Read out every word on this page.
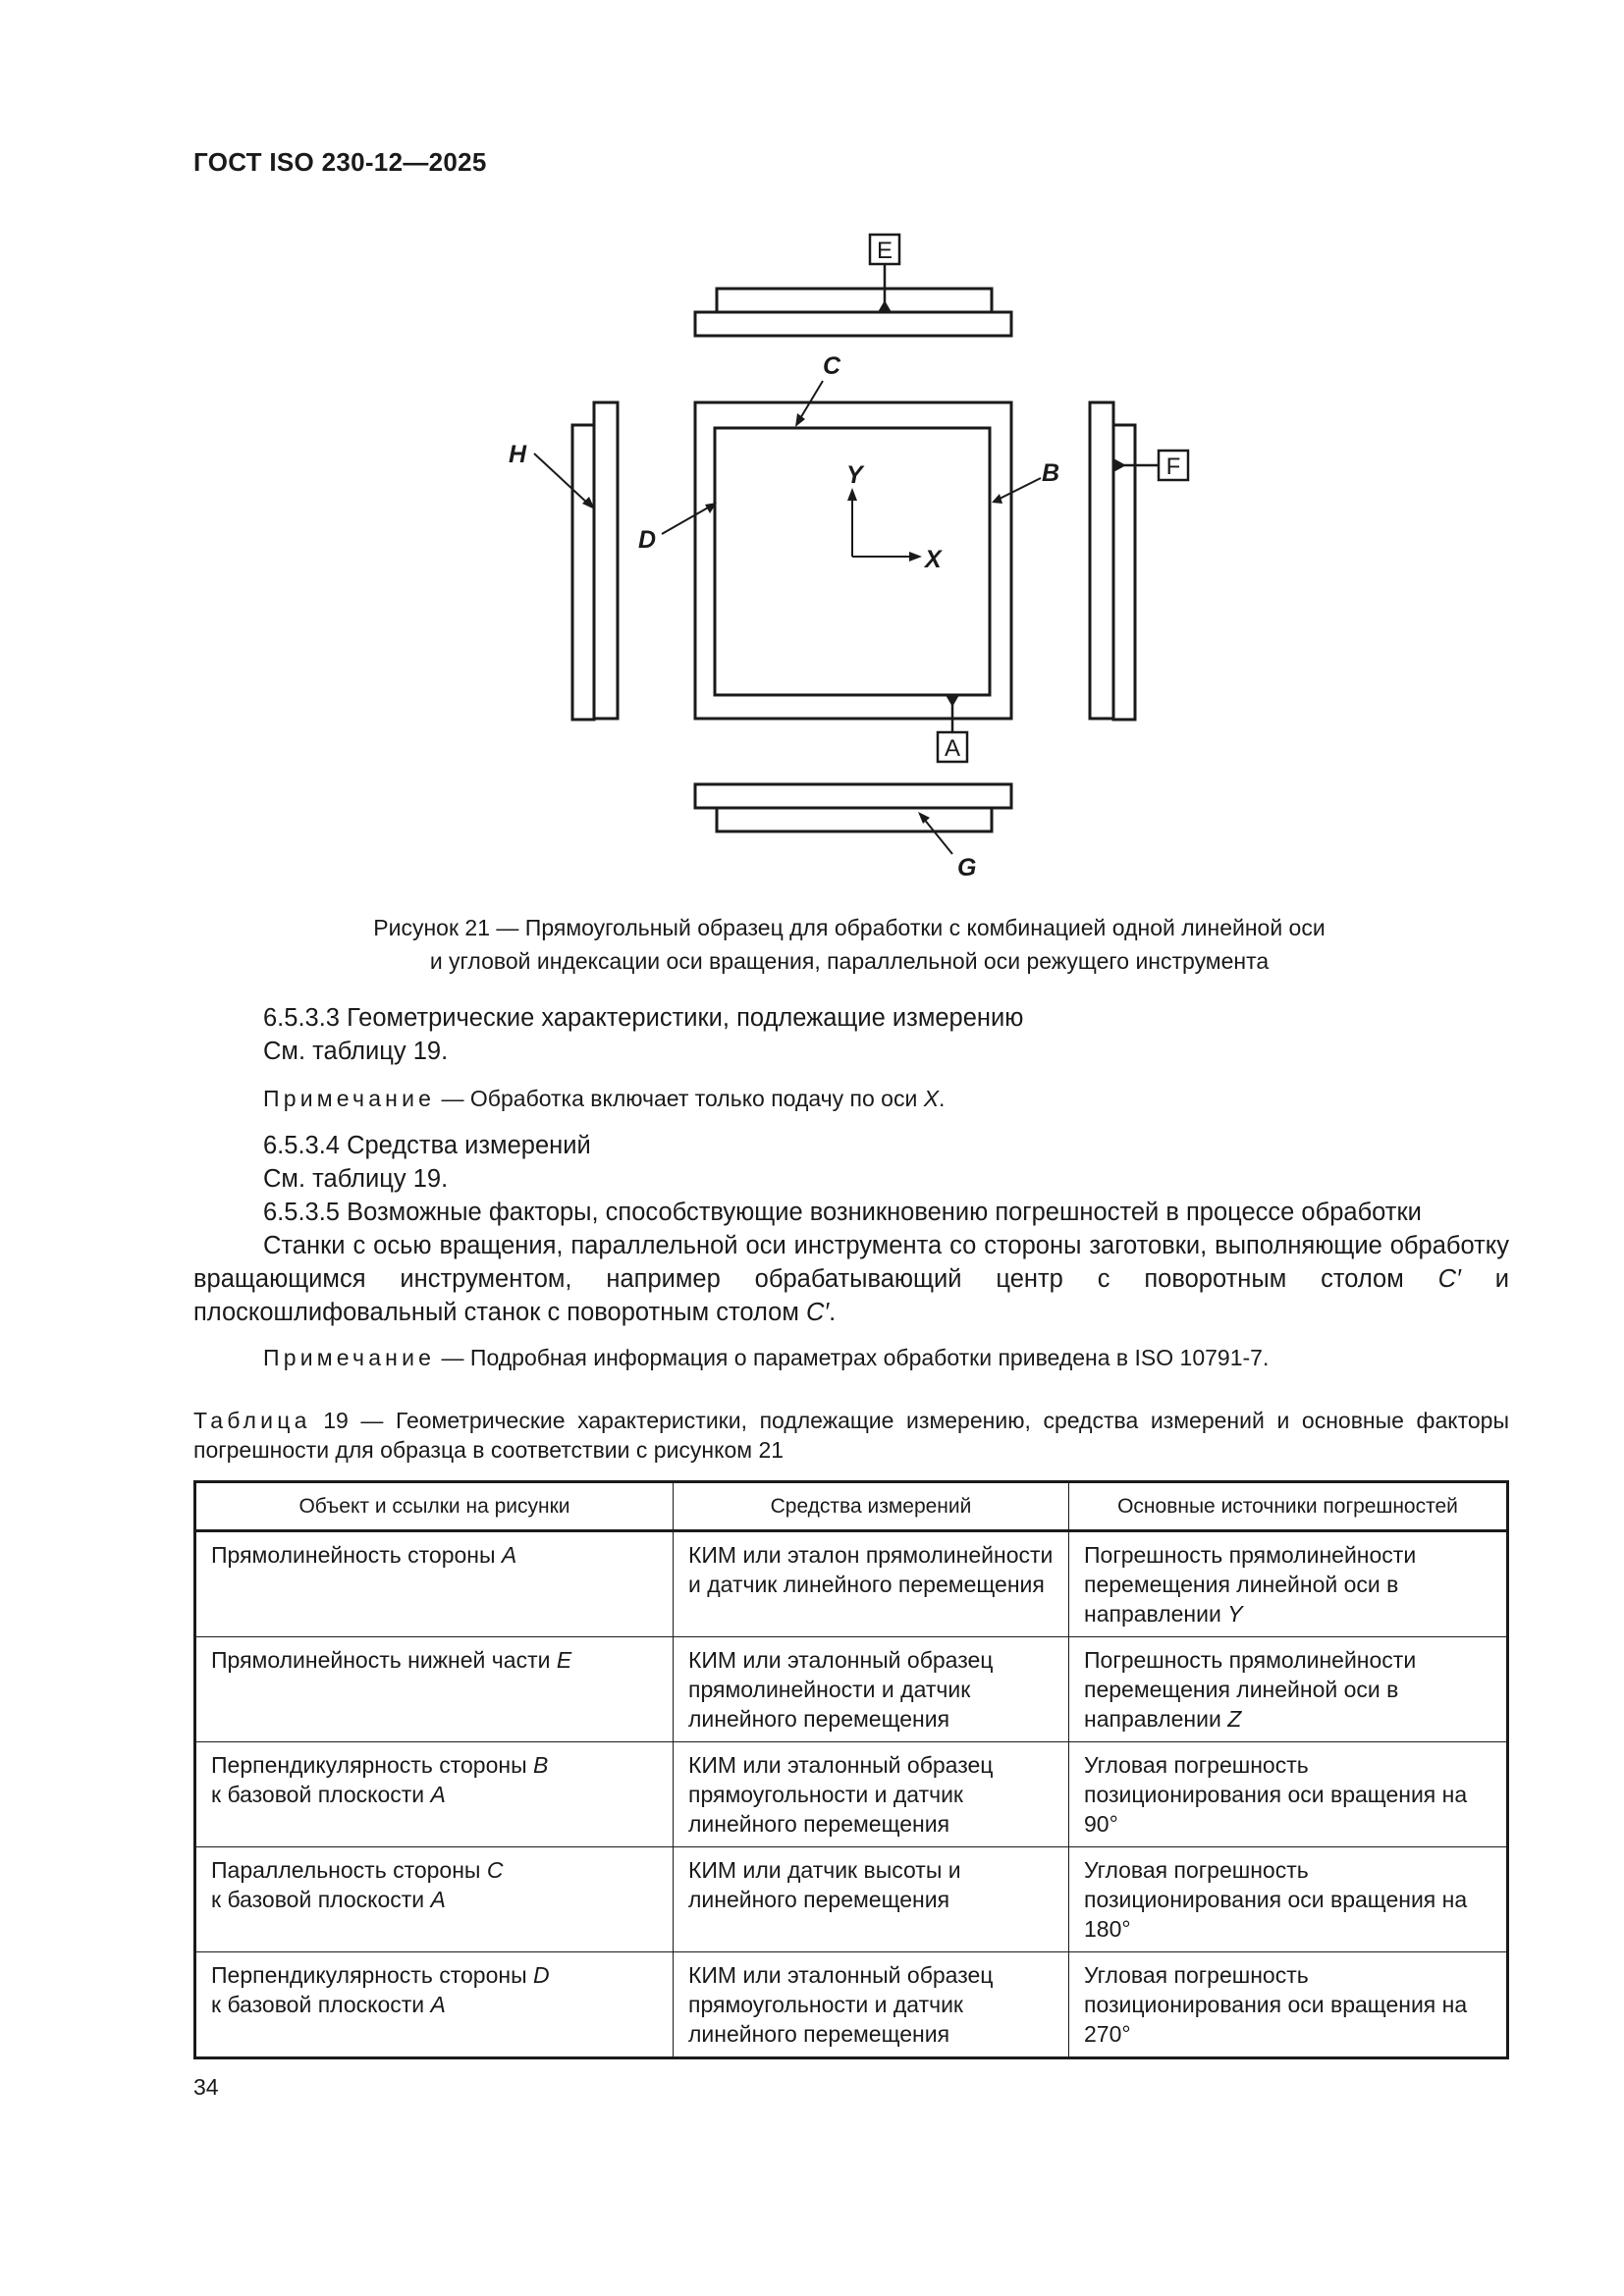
ГОСТ ISO 230-12—2025
E
F
A
C
B
H
D
G
Y
X
Рисунок 21 — Прямоугольный образец для обработки с комбинацией одной линейной оси
и угловой индексации оси вращения, параллельной оси режущего инструмента
6.5.3.3 Геометрические характеристики, подлежащие измерению
См. таблицу 19.
Примечание — Обработка включает только подачу по оси X.
6.5.3.4 Средства измерений
См. таблицу 19.
6.5.3.5 Возможные факторы, способствующие возникновению погрешностей в процессе обработки
Станки с осью вращения, параллельной оси инструмента со стороны заготовки, выполняющие обработку вращающимся инструментом, например обрабатывающий центр с поворотным столом C′ и плоскошлифовальный станок с поворотным столом C′.
Примечание — Подробная информация о параметрах обработки приведена в ISO 10791-7.
Таблица 19 — Геометрические характеристики, подлежащие измерению, средства измерений и основные факторы погрешности для образца в соответствии с рисунком 21
Объект и ссылки на рисунки	Средства измерений	Основные источники погрешностей

Прямолинейность стороны A	КИМ или эталон прямолинейности и датчик линейного перемещения	Погрешность прямолинейности перемещения линейной оси в направлении Y

Прямолинейность нижней части E	КИМ или эталонный образец прямолинейности и датчик линейного перемещения	Погрешность прямолинейности перемещения линейной оси в направлении Z

Перпендикулярность стороны B
к базовой плоскости A	КИМ или эталонный образец прямоугольности и датчик линейного перемещения	Угловая погрешность позиционирования оси вращения на 90°

Параллельность стороны C
к базовой плоскости A	КИМ или датчик высоты и линейного перемещения	Угловая погрешность позиционирования оси вращения на 180°

Перпендикулярность стороны D
к базовой плоскости A	КИМ или эталонный образец прямоугольности и датчик линейного перемещения	Угловая погрешность позиционирования оси вращения на 270°
34
